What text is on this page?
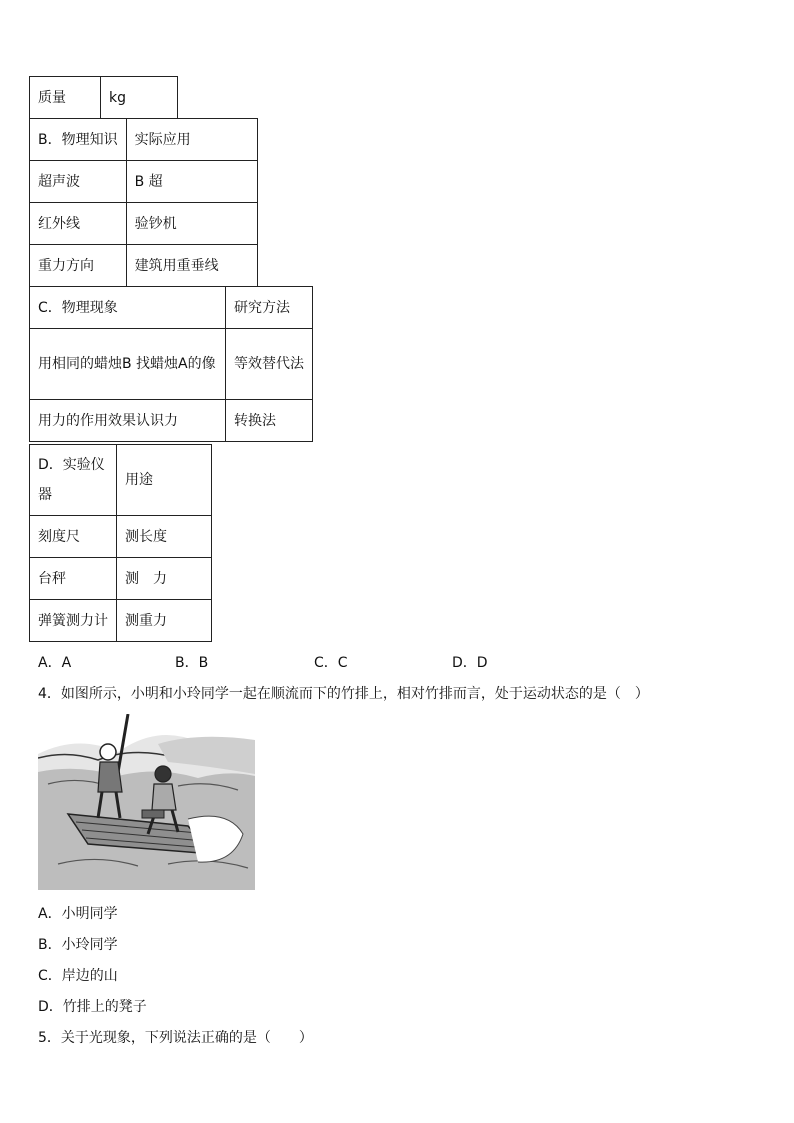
质量	kg
B．物理知识	实际应用
超声波	B 超
红外线	验钞机
重力方向	建筑用重垂线
C．物理现象	研究方法
用相同的蜡烛B 找蜡烛A的像	等效替代法
用力的作用效果认识力	转换法
D．实验仪器	用途
刻度尺	测长度
台秤	测　力
弹簧测力计	测重力
A．A	B．B	C．C	D．D
4．如图所示，小明和小玲同学一起在顺流而下的竹排上，相对竹排而言，处于运动状态的是（　）
A．小明同学
B．小玲同学
C．岸边的山
D．竹排上的凳子
5．关于光现象，下列说法正确的是（　　）
